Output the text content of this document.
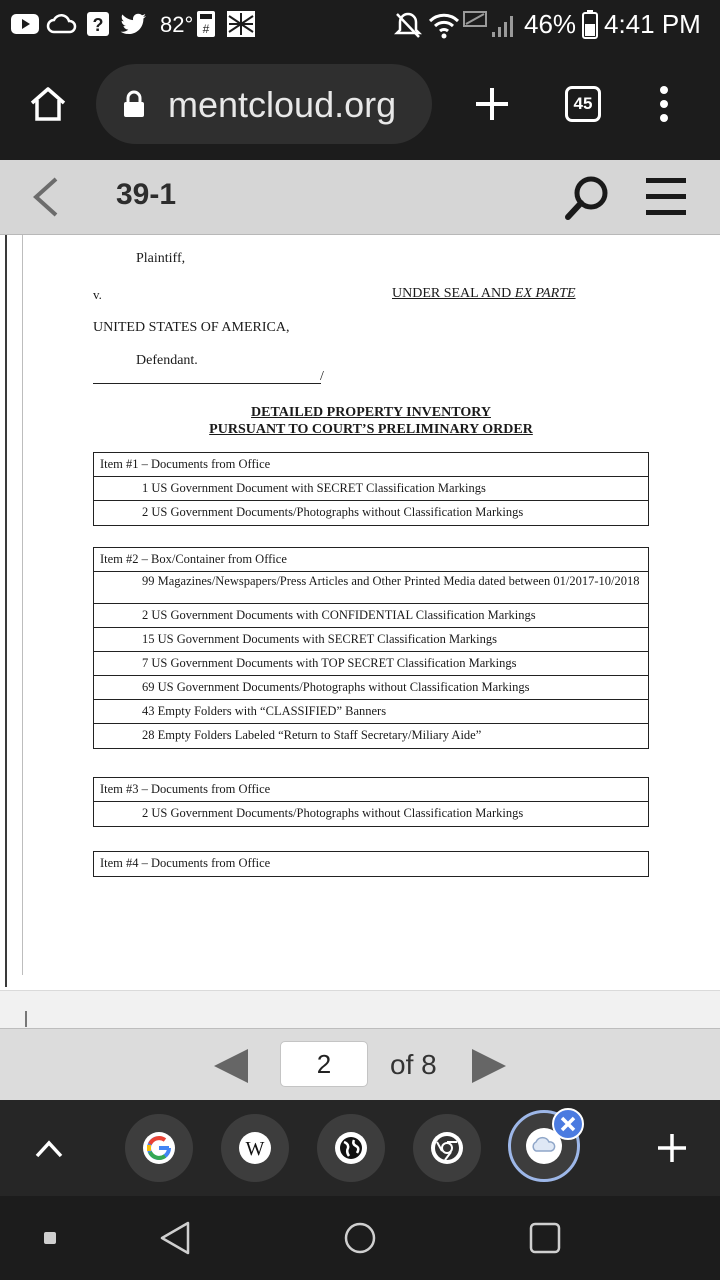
?	82° #	46% 4:41 PM
mentcloud.org	45
39-1
Plaintiff,
v.	UNDER SEAL AND EX PARTE
UNITED STATES OF AMERICA,
Defendant.
/
DETAILED PROPERTY INVENTORY
PURSUANT TO COURT’S PRELIMINARY ORDER
Item #1 – Documents from Office
1 US Government Document with SECRET Classification Markings
2 US Government Documents/Photographs without Classification Markings
Item #2 – Box/Container from Office
99 Magazines/Newspapers/Press Articles and Other Printed Media dated between 01/2017-10/2018
2 US Government Documents with CONFIDENTIAL Classification Markings
15 US Government Documents with SECRET Classification Markings
7 US Government Documents with TOP SECRET Classification Markings
69 US Government Documents/Photographs without Classification Markings
43 Empty Folders with “CLASSIFIED” Banners
28 Empty Folders Labeled “Return to Staff Secretary/Miliary Aide”
Item #3 – Documents from Office
2 US Government Documents/Photographs without Classification Markings
Item #4 – Documents from Office
2	of 8
W
